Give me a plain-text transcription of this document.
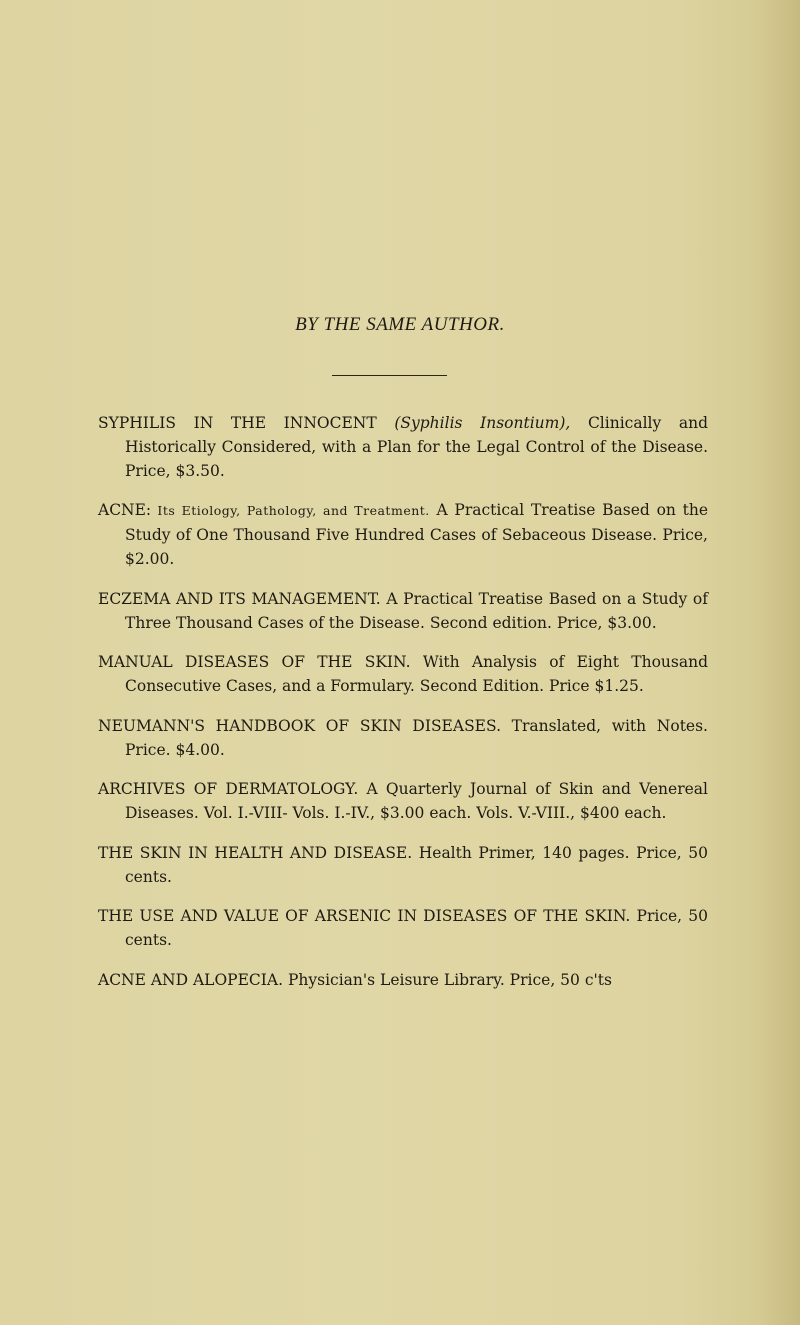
BY THE SAME AUTHOR.

SYPHILIS IN THE INNOCENT (Syphilis Insontium), Clinically and Historically Considered, with a Plan for the Legal Control of the Disease. Price, $3.50.

ACNE: Its Etiology, Pathology, and Treatment. A Practical Treatise Based on the Study of One Thousand Five Hundred Cases of Sebaceous Disease. Price, $2.00.

ECZEMA AND ITS MANAGEMENT. A Practical Treatise Based on a Study of Three Thousand Cases of the Disease. Second edition. Price, $3.00.

MANUAL DISEASES OF THE SKIN. With Analysis of Eight Thousand Consecutive Cases, and a Formulary. Second Edition. Price $1.25.

NEUMANN'S HANDBOOK OF SKIN DISEASES. Translated, with Notes. Price. $4.00.

ARCHIVES OF DERMATOLOGY. A Quarterly Journal of Skin and Venereal Diseases. Vol. I.-VIII- Vols. I.-IV., $3.00 each. Vols. V.-VIII., $400 each.

THE SKIN IN HEALTH AND DISEASE. Health Primer, 140 pages. Price, 50 cents.

THE USE AND VALUE OF ARSENIC IN DISEASES OF THE SKIN. Price, 50 cents.

ACNE AND ALOPECIA. Physician's Leisure Library. Price, 50 c'ts
